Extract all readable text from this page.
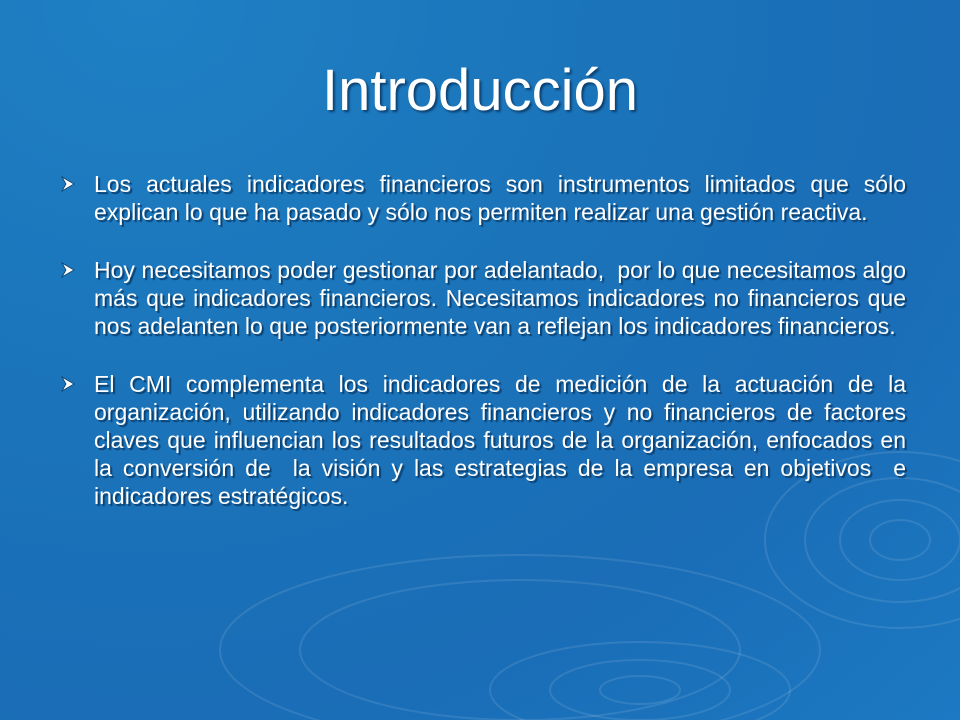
Introducción
Los actuales indicadores financieros son instrumentos limitados que sólo explican lo que ha pasado y sólo nos permiten realizar una gestión reactiva.
Hoy necesitamos poder gestionar por adelantado,  por lo que necesitamos algo más que indicadores financieros. Necesitamos indicadores no financieros que nos adelanten lo que posteriormente van a reflejan los indicadores financieros.
El CMI complementa los indicadores de medición de la actuación de la organización, utilizando indicadores financieros y no financieros de factores claves que influencian los resultados futuros de la organización, enfocados en  la conversión de  la visión y las estrategias de la empresa en objetivos  e indicadores estratégicos.
